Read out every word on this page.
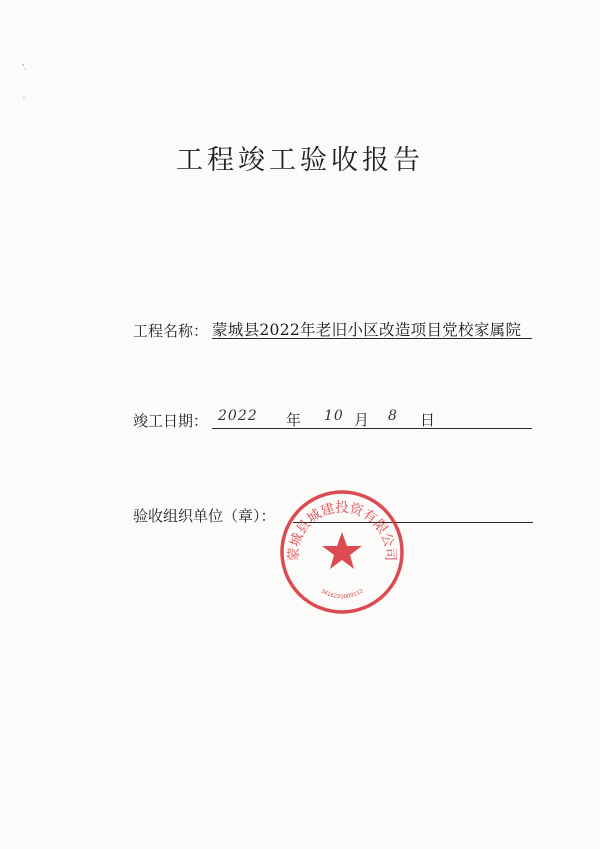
工程竣工验收报告
工程名称： 蒙城县2022年老旧小区改造项目党校家属院
竣工日期： 2022 年 10 月 8 日
验收组织单位（章）：
蒙城县城建投资有限公司
3416220009112
